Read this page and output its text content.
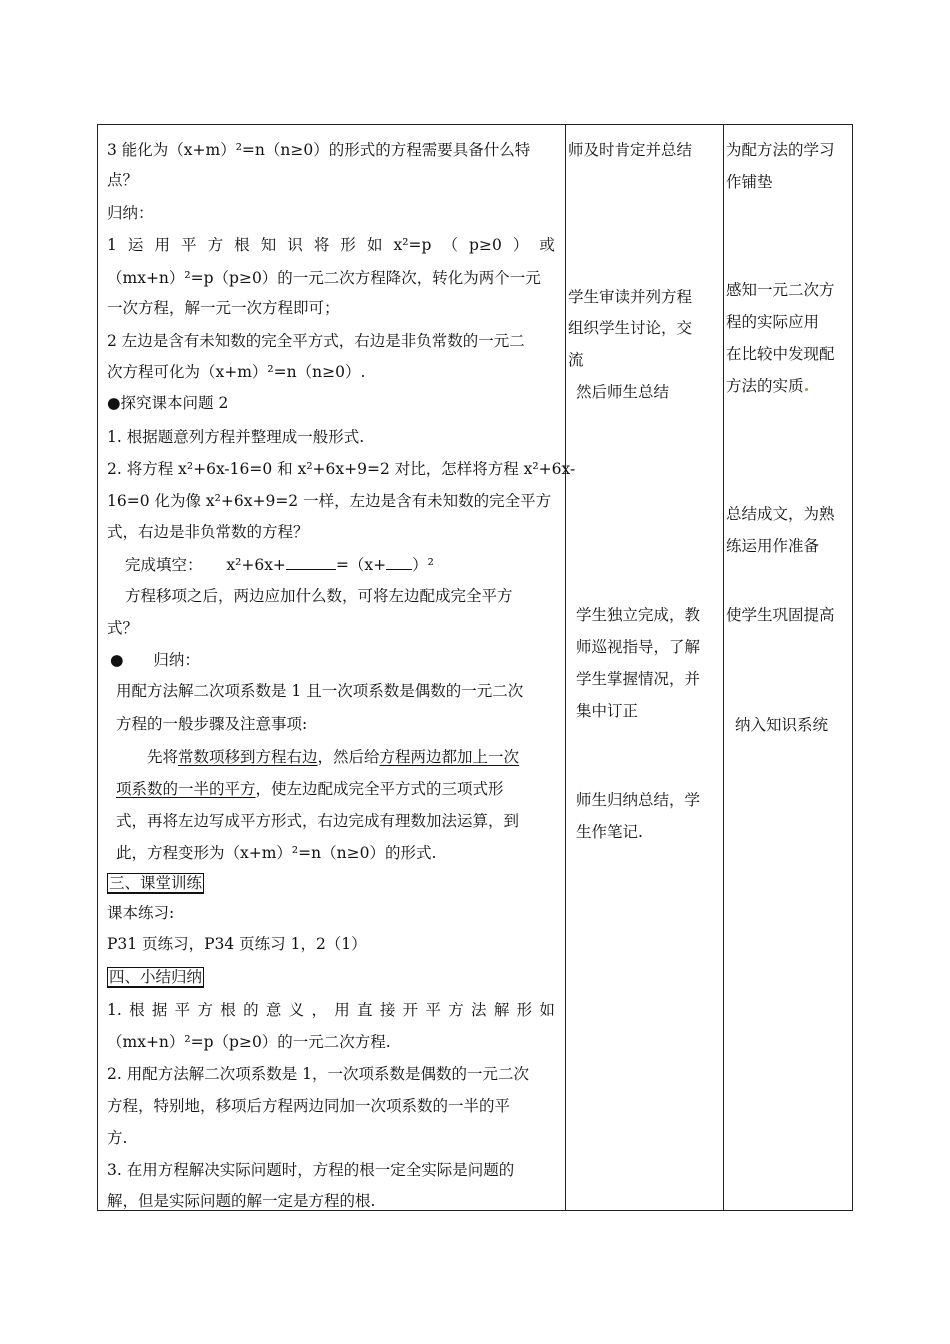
3 能化为（x+m）²=n（n≥0）的形式的方程需要具备什么特
点？
归纳：
1 运 用 平 方 根 知 识 将 形 如 x²=p （ p≥0 ） 或
（mx+n）²=p（p≥0）的一元二次方程降次，转化为两个一元
一次方程，解一元一次方程即可；
2 左边是含有未知数的完全平方式，右边是非负常数的一元二
次方程可化为（x+m）²=n（n≥0）.
●探究课本问题 2
1. 根据题意列方程并整理成一般形式.
2. 将方程 x²+6x-16=0 和 x²+6x+9=2 对比，怎样将方程 x²+6x-
16=0 化为像 x²+6x+9=2 一样，左边是含有未知数的完全平方
式，右边是非负常数的方程？
完成填空： x²+6x+	=（x+ ）²
方程移项之后，两边应加什么数，可将左边配成完全平方
式？
● 归纳：
用配方法解二次项系数是 1 且一次项系数是偶数的一元二次
方程的一般步骤及注意事项:
先将常数项移到方程右边，然后给方程两边都加上一次
项系数的一半的平方，使左边配成完全平方式的三项式形
式，再将左边写成平方形式，右边完成有理数加法运算，到
此，方程变形为（x+m）²=n（n≥0）的形式.
三、课堂训练
课本练习:
P31 页练习，P34 页练习 1，2（1）
四、小结归纳
1. 根 据 平 方 根 的 意 义 ， 用 直 接 开 平 方 法 解 形 如
（mx+n）²=p（p≥0）的一元二次方程.
2. 用配方法解二次项系数是 1，一次项系数是偶数的一元二次
方程，特别地，移项后方程两边同加一次项系数的一半的平
方.
3. 在用方程解决实际问题时，方程的根一定全实际是问题的
解，但是实际问题的解一定是方程的根.
师及时肯定并总结
学生审读并列方程
组织学生讨论，交
流
然后师生总结
学生独立完成，教
师巡视指导，了解
学生掌握情况，并
集中订正
师生归纳总结，学
生作笔记.
为配方法的学习
作铺垫
感知一元二次方
程的实际应用
在比较中发现配
方法的实质
总结成文，为熟
练运用作准备
使学生巩固提高
纳入知识系统
